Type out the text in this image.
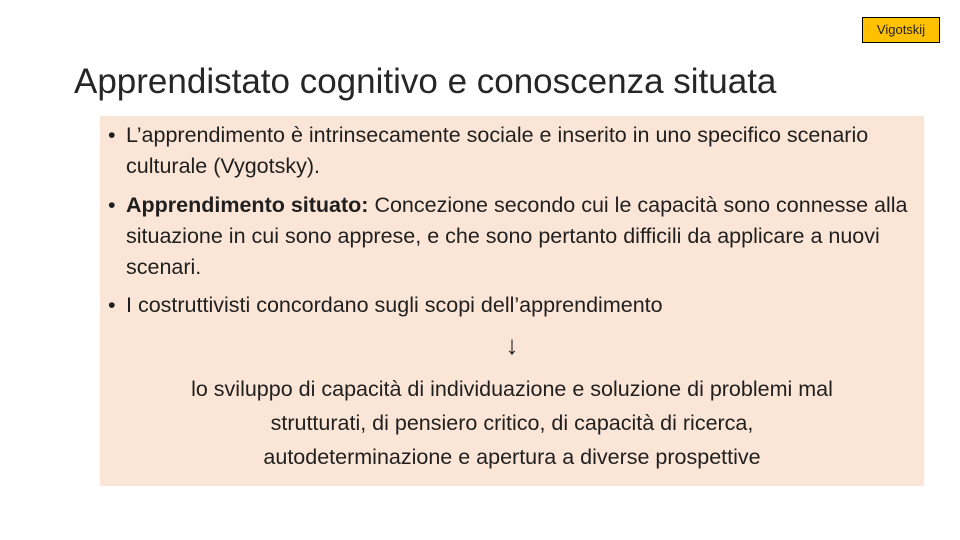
Vigotskij
Apprendistato cognitivo e conoscenza situata
• L’apprendimento è intrinsecamente sociale e inserito in uno specifico scenario culturale (Vygotsky).
• Apprendimento situato: Concezione secondo cui le capacità sono connesse alla situazione in cui sono apprese, e che sono pertanto difficili da applicare a nuovi scenari.
• I costruttivisti concordano sugli scopi dell’apprendimento
↓
lo sviluppo di capacità di individuazione e soluzione di problemi mal
strutturati, di pensiero critico, di capacità di ricerca,
autodeterminazione e apertura a diverse prospettive
